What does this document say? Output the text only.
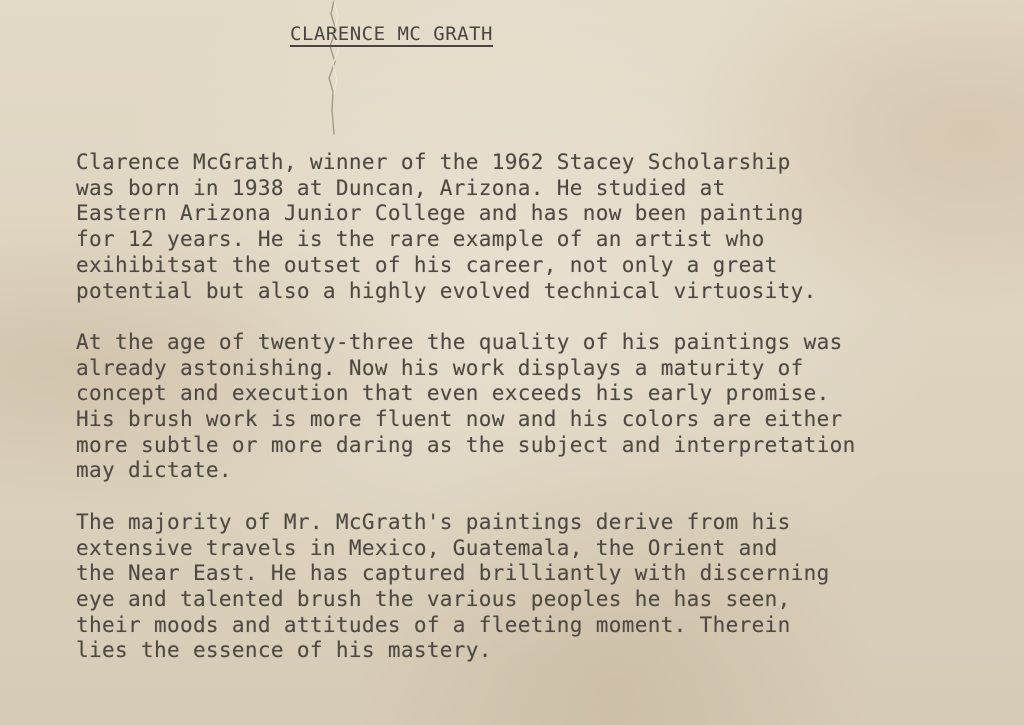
CLARENCE MC GRATH

Clarence McGrath, winner of the 1962 Stacey Scholarship
was born in 1938 at Duncan, Arizona. He studied at
Eastern Arizona Junior College and has now been painting
for 12 years. He is the rare example of an artist who
exihibitsat the outset of his career, not only a great
potential but also a highly evolved technical virtuosity.

At the age of twenty-three the quality of his paintings was
already astonishing. Now his work displays a maturity of
concept and execution that even exceeds his early promise.
His brush work is more fluent now and his colors are either
more subtle or more daring as the subject and interpretation
may dictate.

The majority of Mr. McGrath's paintings derive from his
extensive travels in Mexico, Guatemala, the Orient and
the Near East. He has captured brilliantly with discerning
eye and talented brush the various peoples he has seen,
their moods and attitudes of a fleeting moment. Therein
lies the essence of his mastery.
